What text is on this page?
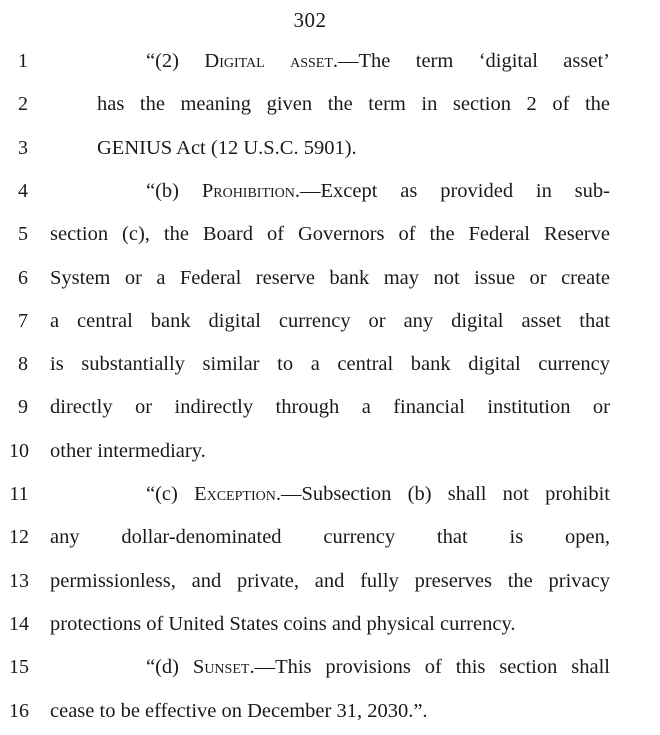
302
1	“(2) Digital asset.—The term ‘digital asset’
2	has the meaning given the term in section 2 of the
3	GENIUS Act (12 U.S.C. 5901).
4	“(b) Prohibition.—Except as provided in sub-
5	section (c), the Board of Governors of the Federal Reserve
6	System or a Federal reserve bank may not issue or create
7	a central bank digital currency or any digital asset that
8	is substantially similar to a central bank digital currency
9	directly or indirectly through a financial institution or
10 other intermediary.
11	“(c) Exception.—Subsection (b) shall not prohibit
12 any dollar-denominated currency that is open,
13 permissionless, and private, and fully preserves the privacy
14 protections of United States coins and physical currency.
15	“(d) Sunset.—This provisions of this section shall
16 cease to be effective on December 31, 2030.”.
